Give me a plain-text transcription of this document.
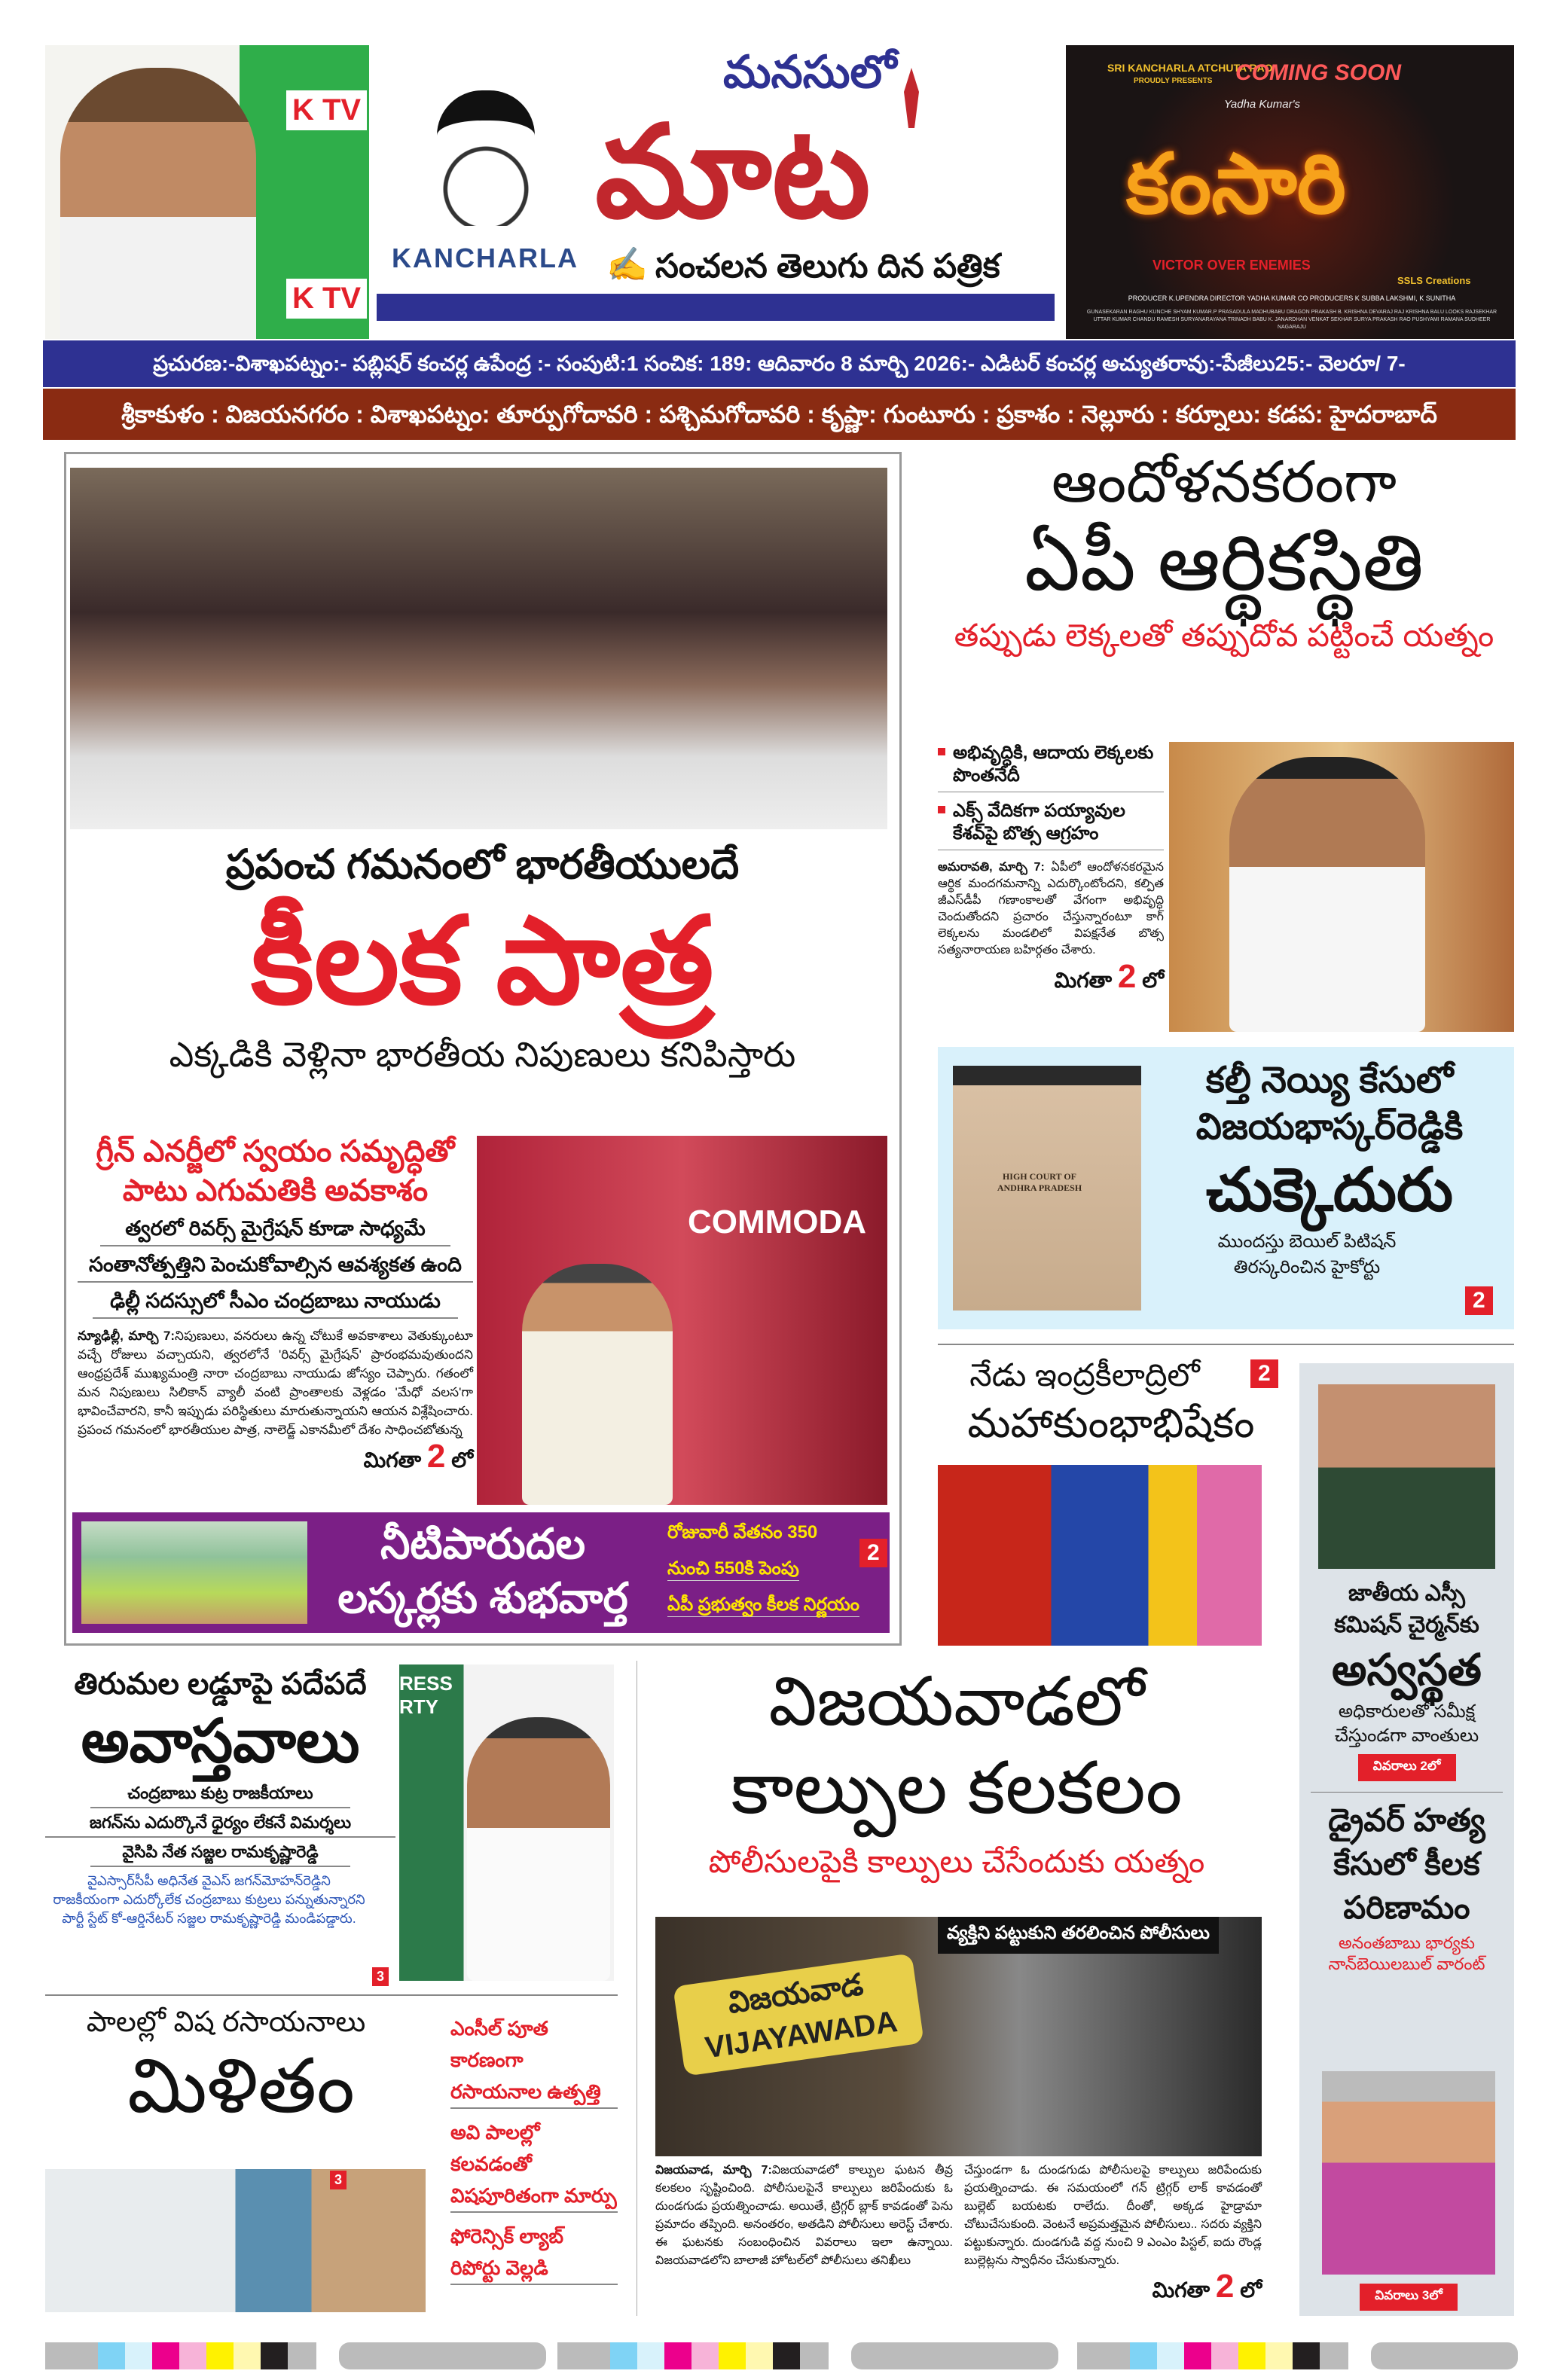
K TV
K TV
KANCHARLA
మనసులో
మాట
✍ సంచలన తెలుగు దిన పత్రిక
SRI KANCHARLA ATCHUTA RAO
PROUDLY PRESENTS COMING SOON
Yadha Kumar's
కంసారి
VICTOR OVER ENEMIES
SSLS Creations
PRODUCER K.UPENDRA DIRECTOR YADHA KUMAR CO PRODUCERS K SUBBA LAKSHMI, K SUNITHA
GUNASEKARAN RAGHU KUNCHE SHYAM KUMAR.P PRASADULA MADHUBABU DRAGON PRAKASH B. KRISHNA DEVARAJ RAJ KRISHNA BALU LOOKS RAJSEKHAR UTTAR KUMAR CHANDU RAMESH SURYANARAYANA TRINADH BABU K. JANARDHAN VENKAT SEKHAR SURYA PRAKASH RAO PUSHYAMI RAMANA SUDHEER NAGARAJU
ప్రచురణ:-విశాఖపట్నం:- పబ్లిషర్ కంచర్ల ఉపేంద్ర :- సంపుటి:1 సంచిక: 189: ఆదివారం 8 మార్చి 2026:- ఎడిటర్ కంచర్ల అచ్యుతరావు:-పేజీలు25:- వెలరూ/ 7-
శ్రీకాకుళం : విజయనగరం : విశాఖపట్నం: తూర్పుగోదావరి : పశ్చిమగోదావరి : కృష్ణా: గుంటూరు : ప్రకాశం : నెల్లూరు : కర్నూలు: కడప: హైదరాబాద్
ప్రపంచ గమనంలో భారతీయులదే
కీలక పాత్ర
ఎక్కడికి వెళ్లినా భారతీయ నిపుణులు కనిపిస్తారు
గ్రీన్ ఎనర్జీలో స్వయం సమృద్ధితో పాటు ఎగుమతికి అవకాశం
త్వరలో రివర్స్ మైగ్రేషన్ కూడా సాధ్యమే
సంతానోత్పత్తిని పెంచుకోవాల్సిన ఆవశ్యకత ఉంది
ఢిల్లీ సదస్సులో సీఎం చంద్రబాబు నాయుడు
న్యూఢిల్లీ, మార్చి 7:నిపుణులు, వనరులు ఉన్న చోటుకే అవకాశాలు వెతుక్కుంటూ వచ్చే రోజులు వచ్చాయని, త్వరలోనే 'రివర్స్ మైగ్రేషన్' ప్రారంభమవుతుందని ఆంధ్రప్రదేశ్ ముఖ్యమంత్రి నారా చంద్రబాబు నాయుడు జోస్యం చెప్పారు. గతంలో మన నిపుణులు సిలికాన్ వ్యాలీ వంటి ప్రాంతాలకు వెళ్లడం 'మేధో వలస'గా భావించేవారని, కానీ ఇప్పుడు పరిస్థితులు మారుతున్నాయని ఆయన విశ్లేషించారు. ప్రపంచ గమనంలో భారతీయుల పాత్ర, నాలెడ్జ్ ఎకానమీలో దేశం సాధించబోతున్న
మిగతా 2 లో
COMMODA
నీటిపారుదల
లస్కర్లకు శుభవార్త
రోజువారీ వేతనం 350
నుంచి 550కి పెంపు
ఏపీ ప్రభుత్వం కీలక నిర్ణయం
2
ఆందోళనకరంగా
ఏపీ ఆర్థికస్థితి
తప్పుడు లెక్కలతో తప్పుదోవ పట్టించే యత్నం
అభివృద్ధికి, ఆదాయ లెక్కలకు పొంతనేదీ
ఎక్స్ వేదికగా పయ్యావుల కేశవ్‌పై బొత్స ఆగ్రహం
అమరావతి, మార్చి 7: ఏపీలో ఆందోళనకరమైన ఆర్థిక మందగమనాన్ని ఎదుర్కొంటోందని, కల్పిత జీఎస్‌డీపీ గణాంకాలతో వేగంగా అభివృద్ధి చెందుతోందని ప్రచారం చేస్తున్నారంటూ కాగ్ లెక్కలను మండలిలో విపక్షనేత బొత్స సత్యనారాయణ బహిర్గతం చేశారు.
మిగతా 2 లో
HIGH COURT OF ANDHRA PRADESH
కల్తీ నెయ్యి కేసులో
విజయభాస్కర్‌రెడ్డికి
చుక్కెదురు
ముందస్తు బెయిల్ పిటిషన్
తిరస్కరించిన హైకోర్టు
2
నేడు ఇంద్రకీలాద్రిలో
మహాకుంభాభిషేకం
2
జాతీయ ఎస్సీ
కమిషన్ చైర్మన్‌కు
అస్వస్థత
అధికారులతో సమీక్ష చేస్తుండగా వాంతులు
వివరాలు 2లో
డ్రైవర్ హత్య కేసులో కీలక పరిణామం
అనంతబాబు భార్యకు నాన్‌బెయిలబుల్ వారంట్
వివరాలు 3లో
తిరుమల లడ్డూపై పదేపదే
అవాస్తవాలు
చంద్రబాబు కుట్ర రాజకీయాలు
జగన్‌ను ఎదుర్కొనే ధైర్యం లేకనే విమర్శలు
వైసిపి నేత సజ్జల రామకృష్ణారెడ్డి
వైఎస్సార్‌సీపీ అధినేత వైఎస్ జగన్‌మోహన్‌రెడ్డిని రాజకీయంగా ఎదుర్కోలేక చంద్రబాబు కుట్రలు పన్నుతున్నారని పార్టీ స్టేట్ కో-ఆర్డినేటర్ సజ్జల రామకృష్ణారెడ్డి మండిపడ్డారు.
3
RESS RTY
పాలల్లో విష రసాయనాలు
మిళితం
3
ఎంసీల్ పూత కారణంగా రసాయనాల ఉత్పత్తి
అవి పాలల్లో కలవడంతో విషపూరితంగా మార్పు
ఫోరెన్సిక్ ల్యాబ్ రిపోర్టు వెల్లడి
విజయవాడలో
కాల్పుల కలకలం
పోలీసులపైకి కాల్పులు చేసేందుకు యత్నం
విజయవాడ VIJAYAWADA
వ్యక్తిని పట్టుకుని తరలించిన పోలీసులు
విజయవాడ, మార్చి 7:విజయవాడలో కాల్పుల ఘటన తీవ్ర కలకలం సృష్టించింది. పోలీసులపైనే కాల్పులు జరిపేందుకు ఓ దుండగుడు ప్రయత్నించాడు. అయితే, ట్రిగ్గర్ బ్లాక్ కావడంతో పెను ప్రమాదం తప్పింది. అనంతరం, అతడిని పోలీసులు అరెస్ట్ చేశారు. ఈ ఘటనకు సంబంధించిన వివరాలు ఇలా ఉన్నాయి. విజయవాడలోని బాలాజీ హోటల్‌లో పోలీసులు తనిఖీలు
చేస్తుండగా ఓ దుండగుడు పోలీసులపై కాల్పులు జరిపేందుకు ప్రయత్నించాడు. ఈ సమయంలో గన్ ట్రిగ్గర్ లాక్ కావడంతో బుల్లెట్ బయటకు రాలేదు. దీంతో, అక్కడ హైడ్రామా చోటుచేసుకుంది. వెంటనే అప్రమత్తమైన పోలీసులు.. సదరు వ్యక్తిని పట్టుకున్నారు. దుండగుడి వద్ద నుంచి 9 ఎంఎం పిస్టల్, ఐదు రౌండ్ల బుల్లెట్లను స్వాధీనం చేసుకున్నారు.
మిగతా 2 లో
